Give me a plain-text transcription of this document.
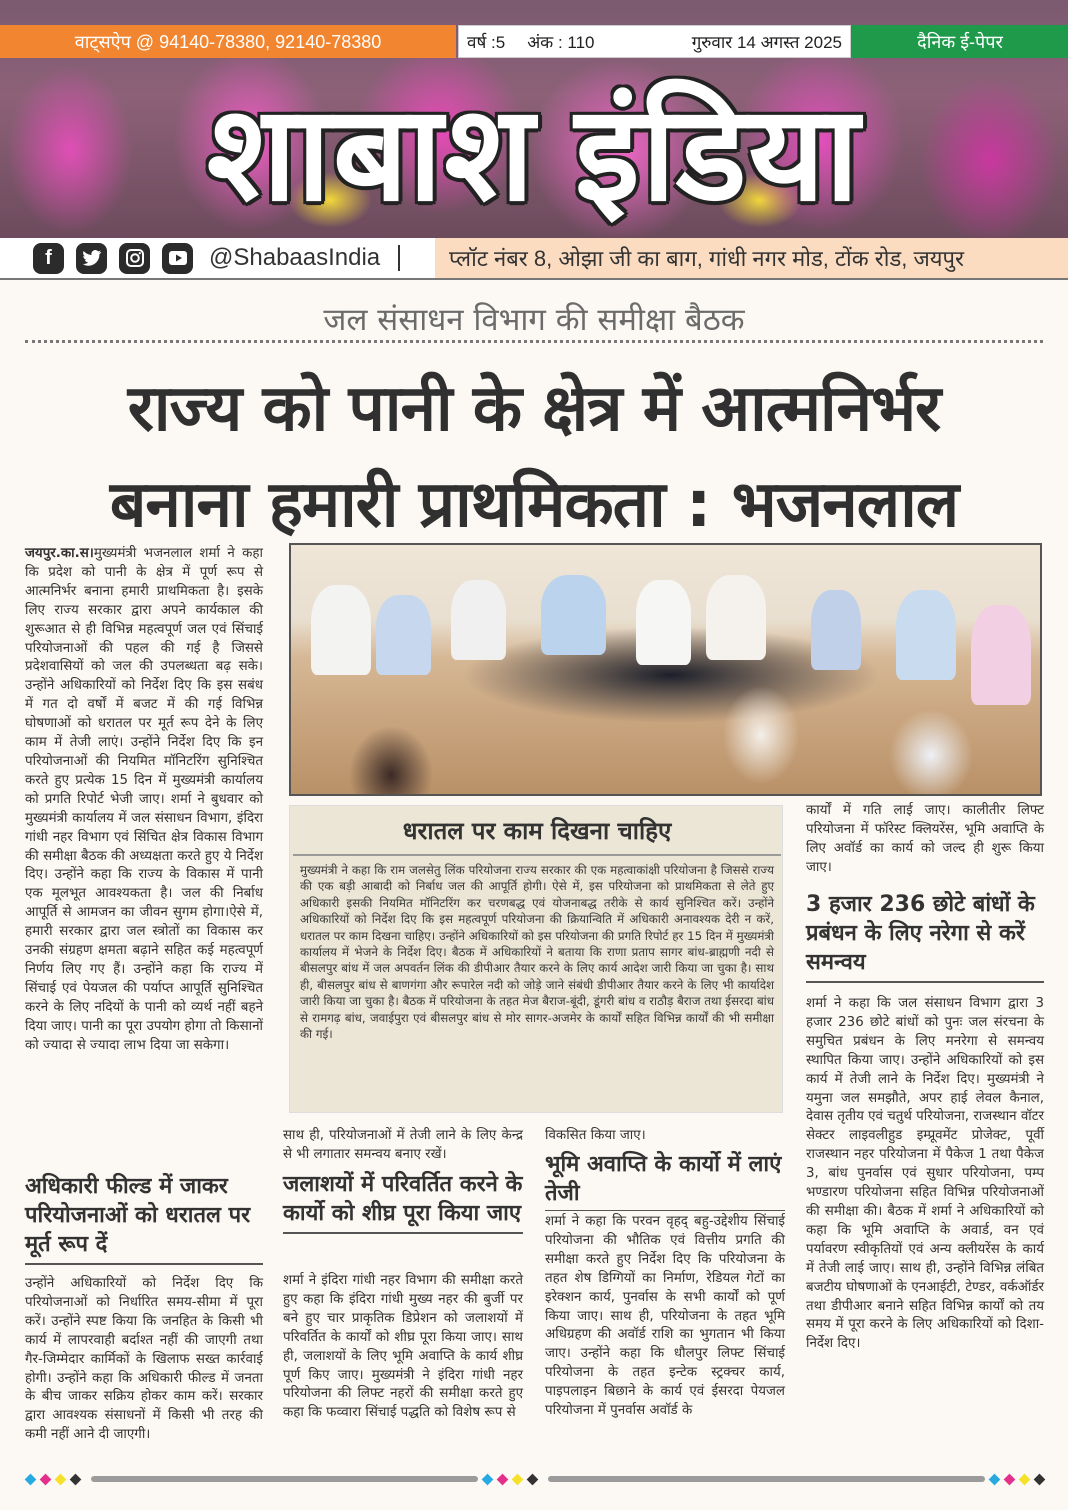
वाट्सऐप @ 94140-78380, 92140-78380	वर्ष :5 अंक : 110	गुरुवार 14 अगस्त 2025	दैनिक ई-पेपर
शाबाश इंडिया
f	@ShabaasIndia	प्लॉट नंबर 8, ओझा जी का बाग, गांधी नगर मोड, टोंक रोड, जयपुर
जल संसाधन विभाग की समीक्षा बैठक
राज्य को पानी के क्षेत्र में आत्मनिर्भर
बनाना हमारी प्राथमिकता : भजनलाल
जयपुर.का.स।मुख्यमंत्री भजनलाल शर्मा ने कहा कि प्रदेश को पानी के क्षेत्र में पूर्ण रूप से आत्मनिर्भर बनाना हमारी प्राथमिकता है। इसके लिए राज्य सरकार द्वारा अपने कार्यकाल की शुरूआत से ही विभिन्न महत्वपूर्ण जल एवं सिंचाई परियोजनाओं की पहल की गई है जिससे प्रदेशवासियों को जल की उपलब्धता बढ़ सके। उन्होंने अधिकारियों को निर्देश दिए कि इस सबंध में गत दो वर्षों में बजट में की गई विभिन्न घोषणाओं को धरातल पर मूर्त रूप देने के लिए काम में तेजी लाएं। उन्होंने निर्देश दिए कि इन परियोजनाओं की नियमित मॉनिटरिंग सुनिश्चित करते हुए प्रत्येक 15 दिन में मुख्यमंत्री कार्यालय को प्रगति रिपोर्ट भेजी जाए। शर्मा ने बुधवार को मुख्यमंत्री कार्यालय में जल संसाधन विभाग, इंदिरा गांधी नहर विभाग एवं सिंचित क्षेत्र विकास विभाग की समीक्षा बैठक की अध्यक्षता करते हुए ये निर्देश दिए। उन्होंने कहा कि राज्य के विकास में पानी एक मूलभूत आवश्यकता है। जल की निर्बाध आपूर्ति से आमजन का जीवन सुगम होगा।ऐसे में, हमारी सरकार द्वारा जल स्त्रोतों का विकास कर उनकी संग्रहण क्षमता बढ़ाने सहित कई महत्वपूर्ण निर्णय लिए गए हैं। उन्होंने कहा कि राज्य में सिंचाई एवं पेयजल की पर्याप्त आपूर्ति सुनिश्चित करने के लिए नदियों के पानी को व्यर्थ नहीं बहने दिया जाए। पानी का पूरा उपयोग होगा तो किसानों को ज्यादा से ज्यादा लाभ दिया जा सकेगा।
अधिकारी फील्ड में जाकर परियोजनाओं को धरातल पर मूर्त रूप दें
उन्होंने अधिकारियों को निर्देश दिए कि परियोजनाओं को निर्धारित समय-सीमा में पूरा करें। उन्होंने स्पष्ट किया कि जनहित के किसी भी कार्य में लापरवाही बर्दाश्त नहीं की जाएगी तथा गैर-जिम्मेदार कार्मिकों के खिलाफ सख्त कार्रवाई होगी। उन्होंने कहा कि अधिकारी फील्ड में जनता के बीच जाकर सक्रिय होकर काम करें। सरकार द्वारा आवश्यक संसाधनों में किसी भी तरह की कमी नहीं आने दी जाएगी।
धरातल पर काम दिखना चाहिए
मुख्यमंत्री ने कहा कि राम जलसेतु लिंक परियोजना राज्य सरकार की एक महत्वाकांक्षी परियोजना है जिससे राज्य की एक बड़ी आबादी को निर्बाध जल की आपूर्ति होगी। ऐसे में, इस परियोजना को प्राथमिकता से लेते हुए अधिकारी इसकी नियमित मॉनिटरिंग कर चरणबद्ध एवं योजनाबद्ध तरीके से कार्य सुनिश्चित करें। उन्होंने अधिकारियों को निर्देश दिए कि इस महत्वपूर्ण परियोजना की क्रियान्विति में अधिकारी अनावश्यक देरी न करें, धरातल पर काम दिखना चाहिए। उन्होंने अधिकारियों को इस परियोजना की प्रगति रिपोर्ट हर 15 दिन में मुख्यमंत्री कार्यालय में भेजने के निर्देश दिए। बैठक में अधिकारियों ने बताया कि राणा प्रताप सागर बांध-ब्राह्मणी नदी से बीसलपुर बांध में जल अपवर्तन लिंक की डीपीआर तैयार करने के लिए कार्य आदेश जारी किया जा चुका है। साथ ही, बीसलपुर बांध से बाणगंगा और रूपारेल नदी को जोड़े जाने संबंधी डीपीआर तैयार करने के लिए भी कार्यादेश जारी किया जा चुका है। बैठक में परियोजना के तहत मेज बैराज-बूंदी, डूंगरी बांध व राठौड़ बैराज तथा ईसरदा बांध से रामगढ़ बांध, जवाईपुरा एवं बीसलपुर बांध से मोर सागर-अजमेर के कार्यों सहित विभिन्न कार्यों की भी समीक्षा की गई।
साथ ही, परियोजनाओं में तेजी लाने के लिए केन्द्र से भी लगातार समन्वय बनाए रखें।
जलाशयों में परिवर्तित करने के कार्यो को शीघ्र पूरा किया जाए
शर्मा ने इंदिरा गांधी नहर विभाग की समीक्षा करते हुए कहा कि इंदिरा गांधी मुख्य नहर की बुर्जी पर बने हुए चार प्राकृतिक डिप्रेशन को जलाशयों में परिवर्तित के कार्यों को शीघ्र पूरा किया जाए। साथ ही, जलाशयों के लिए भूमि अवाप्ति के कार्य शीघ्र पूर्ण किए जाए। मुख्यमंत्री ने इंदिरा गांधी नहर परियोजना की लिफ्ट नहरों की समीक्षा करते हुए कहा कि फव्वारा सिंचाई पद्धति को विशेष रूप से
विकसित किया जाए।
भूमि अवाप्ति के कार्यो में लाएं तेजी
शर्मा ने कहा कि परवन वृहद् बहु-उद्देशीय सिंचाई परियोजना की भौतिक एवं वित्तीय प्रगति की समीक्षा करते हुए निर्देश दिए कि परियोजना के तहत शेष डिग्गियों का निर्माण, रेडियल गेटों का इरेक्शन कार्य, पुनर्वास के सभी कार्यों को पूर्ण किया जाए। साथ ही, परियोजना के तहत भूमि अधिग्रहण की अवॉर्ड राशि का भुगतान भी किया जाए। उन्होंने कहा कि धौलपुर लिफ्ट सिंचाई परियोजना के तहत इन्टेक स्ट्रक्चर कार्य, पाइपलाइन बिछाने के कार्य एवं ईसरदा पेयजल परियोजना में पुनर्वास अवॉर्ड के
कार्यों में गति लाई जाए। कालीतीर लिफ्ट परियोजना में फॉरेस्ट क्लियरेंस, भूमि अवाप्ति के लिए अवॉर्ड का कार्य को जल्द ही शुरू किया जाए।
3 हजार 236 छोटे बांधों के प्रबंधन के लिए नरेगा से करें समन्वय
शर्मा ने कहा कि जल संसाधन विभाग द्वारा 3 हजार 236 छोटे बांधों को पुनः जल संरचना के समुचित प्रबंधन के लिए मनरेगा से समन्वय स्थापित किया जाए। उन्होंने अधिकारियों को इस कार्य में तेजी लाने के निर्देश दिए। मुख्यमंत्री ने यमुना जल समझौते, अपर हाई लेवल कैनाल, देवास तृतीय एवं चतुर्थ परियोजना, राजस्थान वॉटर सेक्टर लाइवलीहुड इम्प्रूवमेंट प्रोजेक्ट, पूर्वी राजस्थान नहर परियोजना में पैकेज 1 तथा पैकेज 3, बांध पुनर्वास एवं सुधार परियोजना, पम्प भण्डारण परियोजना सहित विभिन्न परियोजनाओं की समीक्षा की। बैठक में शर्मा ने अधिकारियों को कहा कि भूमि अवाप्ति के अवार्ड, वन एवं पर्यावरण स्वीकृतियों एवं अन्य क्लीयरेंस के कार्य में तेजी लाई जाए। साथ ही, उन्होंने विभिन्न लंबित बजटीय घोषणाओं के एनआईटी, टेण्डर, वर्कऑर्डर तथा डीपीआर बनाने सहित विभिन्न कार्यों को तय समय में पूरा करने के लिए अधिकारियों को दिशा-निर्देश दिए।
